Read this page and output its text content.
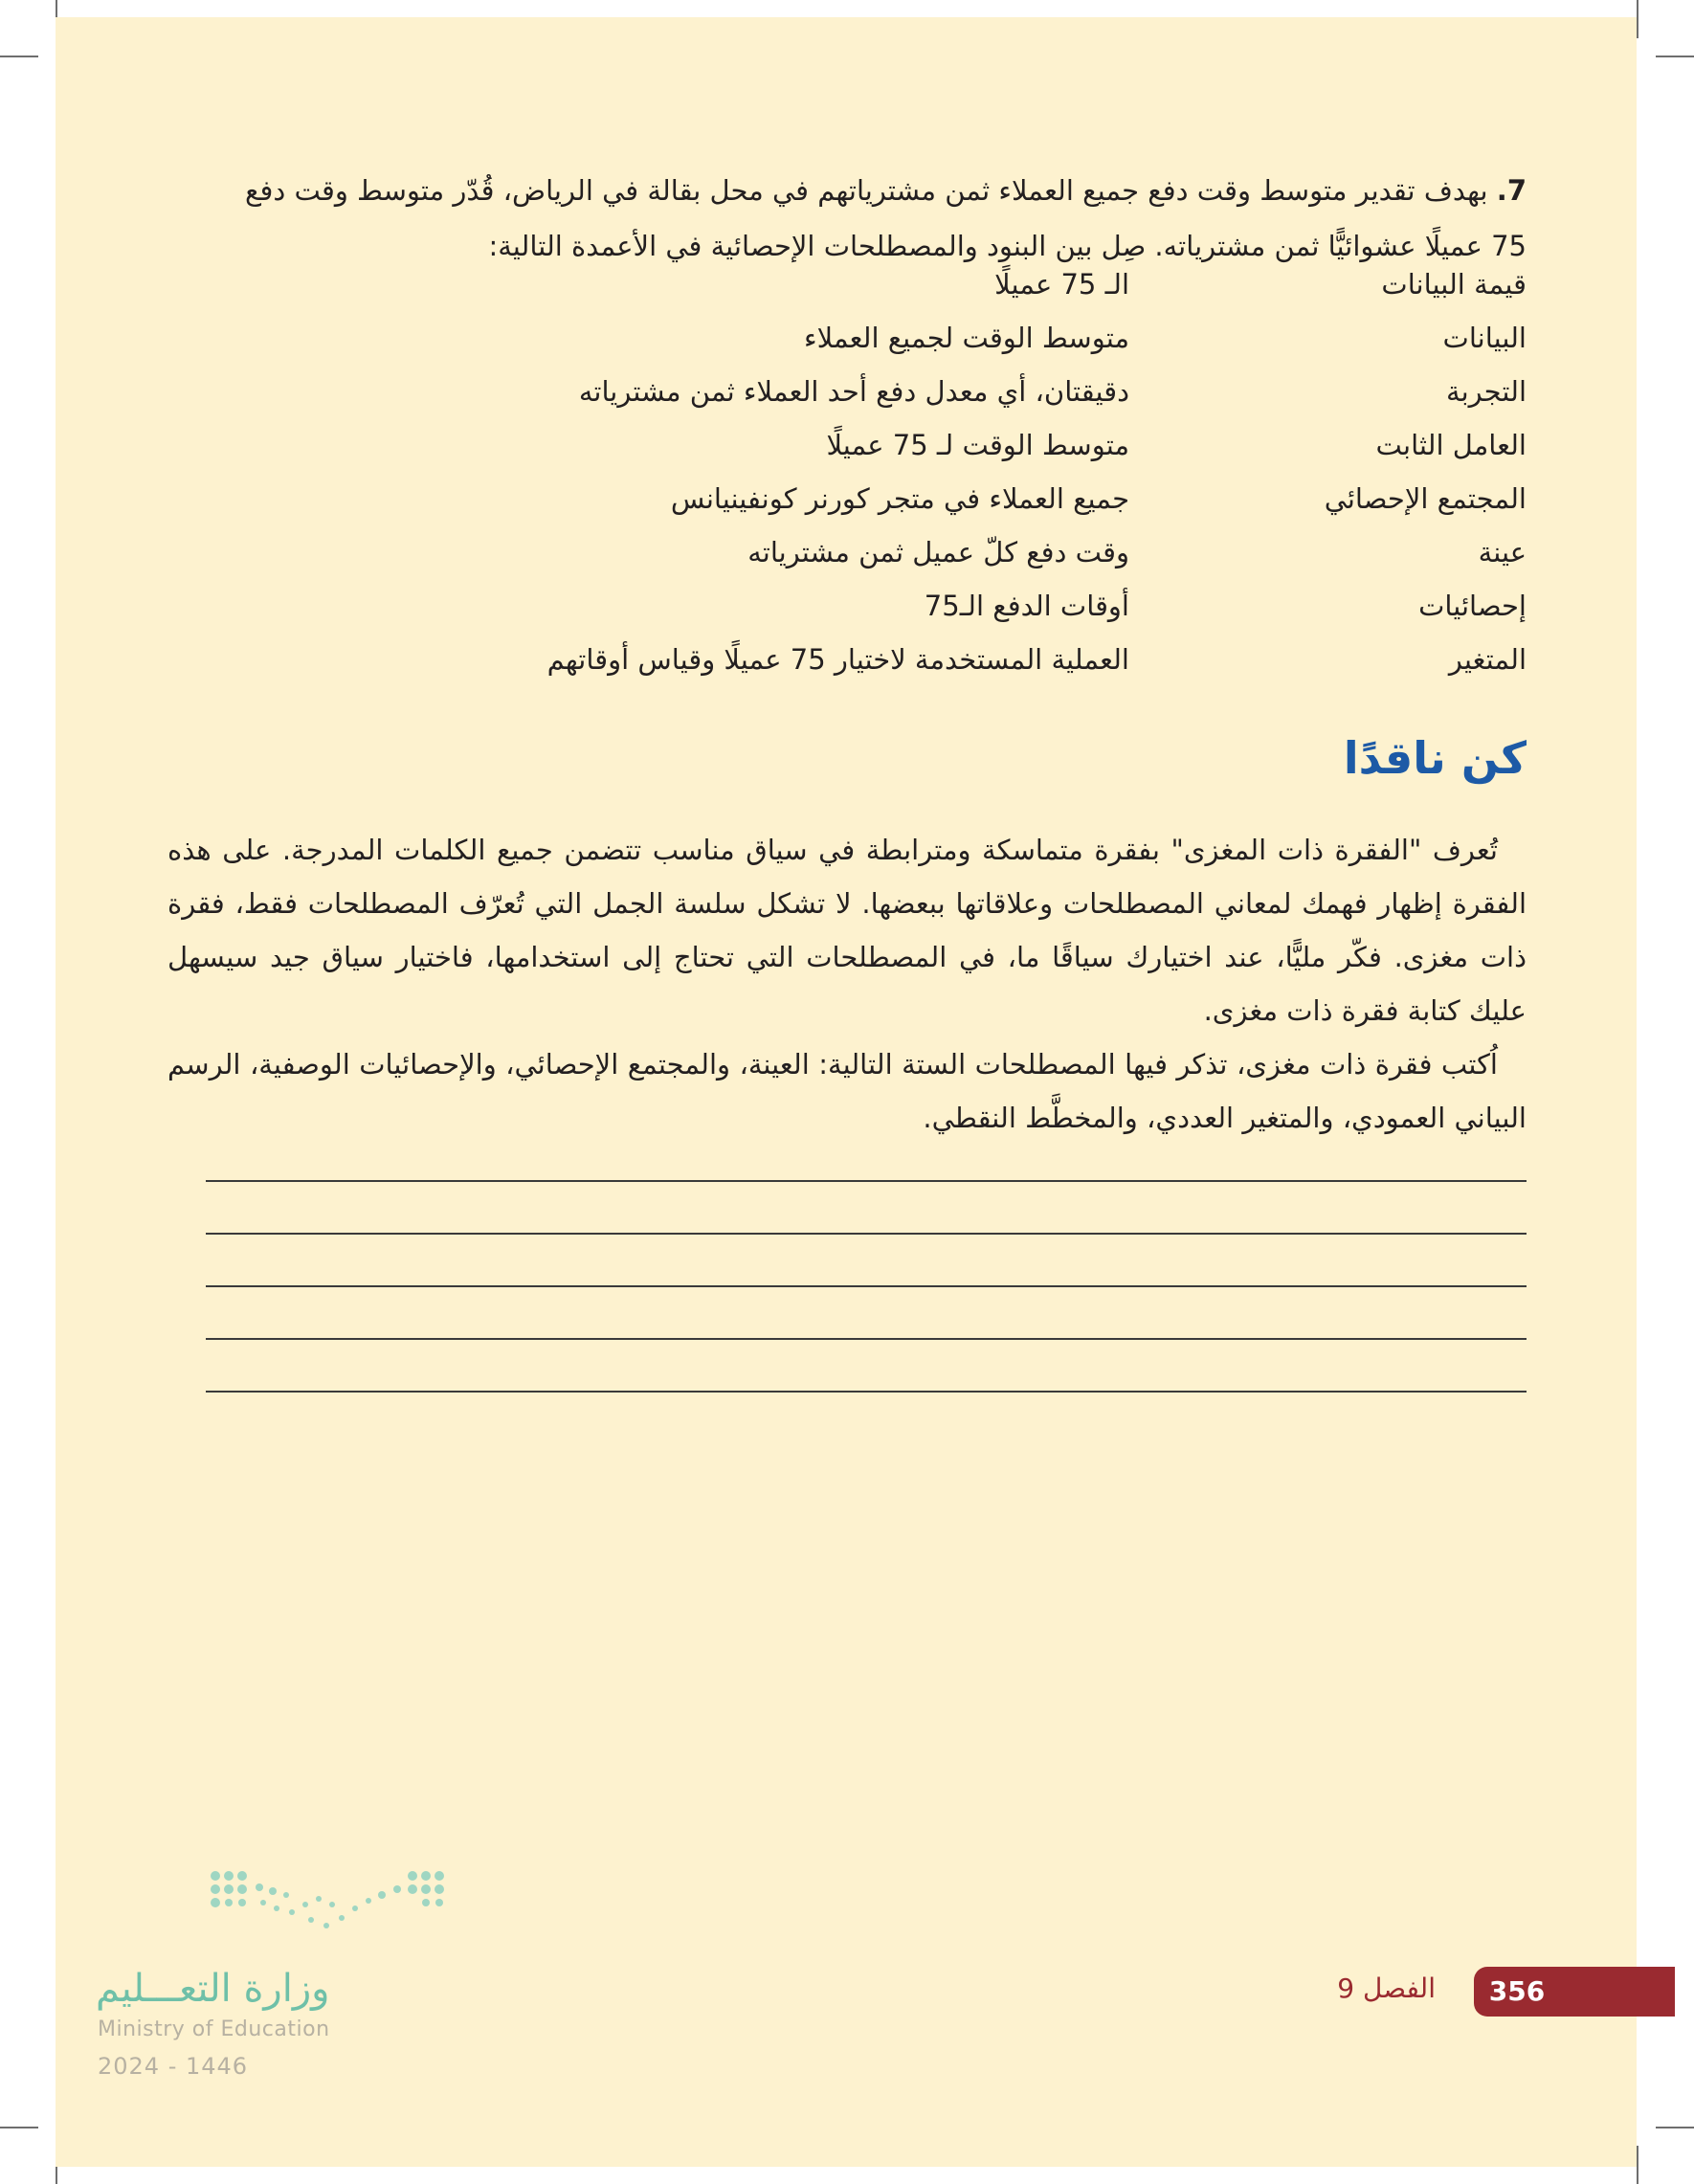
7. بهدف تقدير متوسط وقت دفع جميع العملاء ثمن مشترياتهم في محل بقالة في الرياض، قُدّر متوسط وقت دفع
75 عميلًا عشوائيًّا ثمن مشترياته. صِل بين البنود والمصطلحات الإحصائية في الأعمدة التالية:
قيمة البيانات
الـ 75 عميلًا
البيانات
متوسط الوقت لجميع العملاء
التجربة
دقيقتان، أي معدل دفع أحد العملاء ثمن مشترياته
العامل الثابت
متوسط الوقت لـ 75 عميلًا
المجتمع الإحصائي
جميع العملاء في متجر كورنر كونفينيانس
عينة
وقت دفع كلّ عميل ثمن مشترياته
إحصائيات
أوقات الدفع الـ75
المتغير
العملية المستخدمة لاختيار 75 عميلًا وقياس أوقاتهم
كن ناقدًا

تُعرف "الفقرة ذات المغزى" بفقرة متماسكة ومترابطة في سياق مناسب تتضمن جميع الكلمات المدرجة. على هذه الفقرة إظهار فهمك لمعاني المصطلحات وعلاقاتها ببعضها. لا تشكل سلسة الجمل التي تُعرّف المصطلحات فقط، فقرة ذات مغزى. فكّر مليًّا، عند اختيارك سياقًا ما، في المصطلحات التي تحتاج إلى استخدامها، فاختيار سياق جيد سيسهل عليك كتابة فقرة ذات مغزى.

اُكتب فقرة ذات مغزى، تذكر فيها المصطلحات الستة التالية: العينة، والمجتمع الإحصائي، والإحصائيات الوصفية، الرسم البياني العمودي، والمتغير العددي، والمخطَّط النقطي.

وزارة التعـــليم
Ministry of Education
2024 - 1446
356
الفصل 9
